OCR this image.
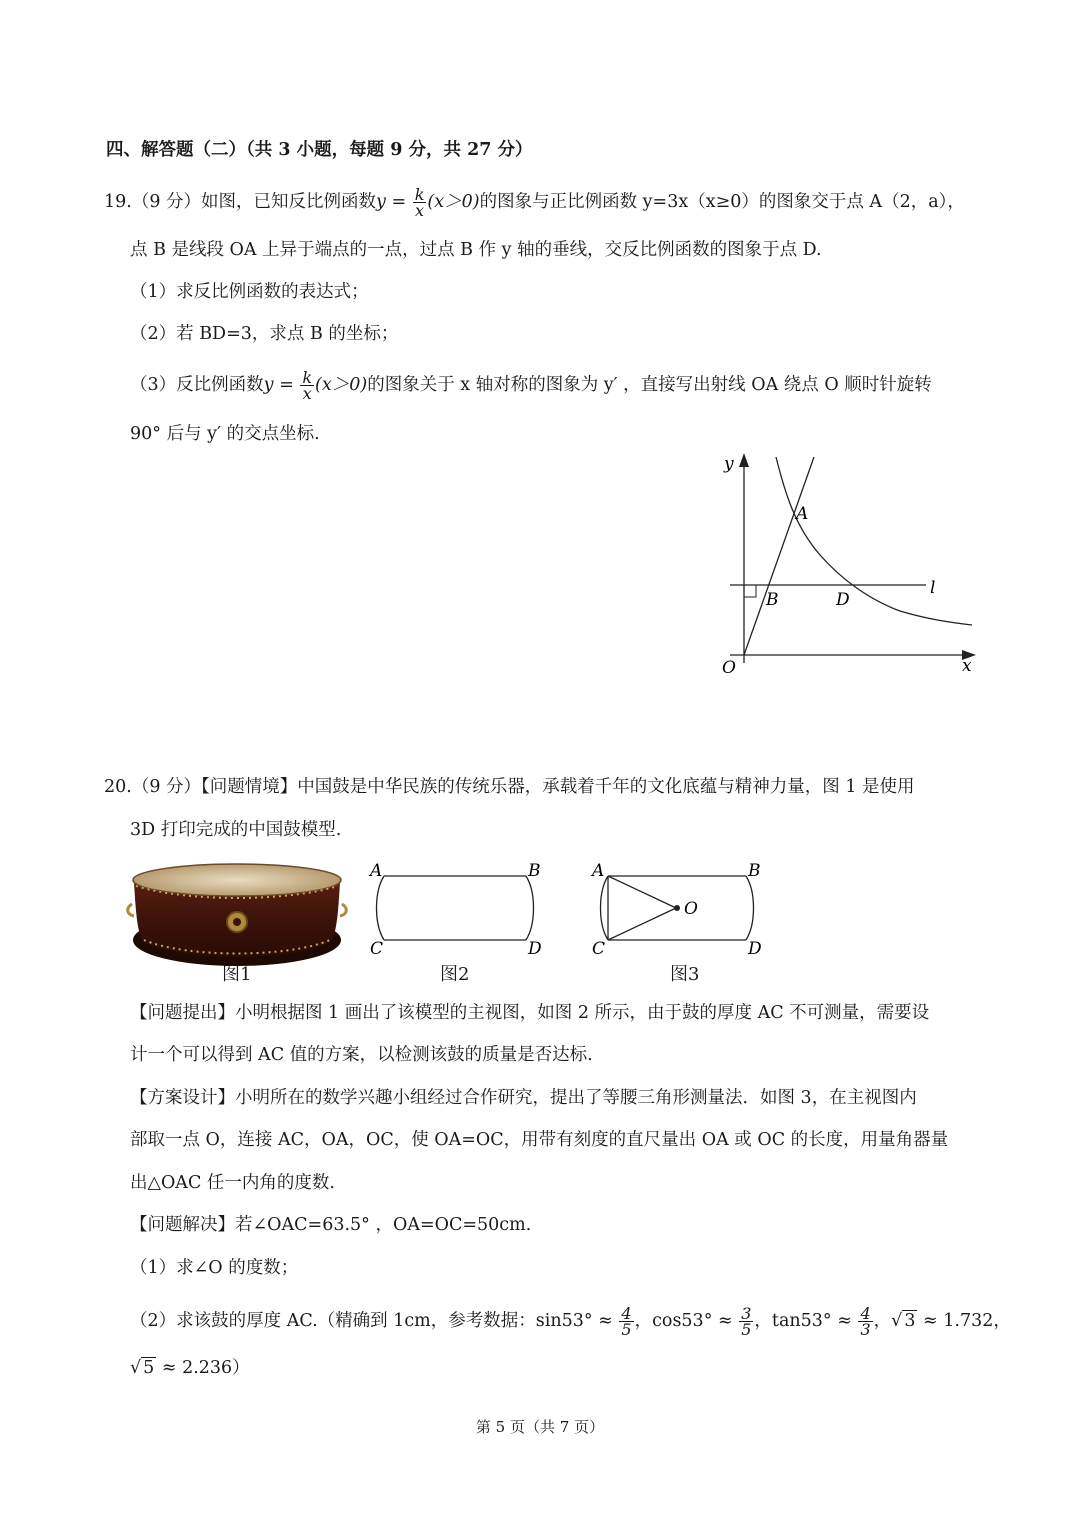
四、解答题（二）（共 3 小题，每题 9 分，共 27 分）
19.（9 分）如图，已知反比例函数$y = \frac{k}{x} (x>0)$的图象与正比例函数 y=3x（x≥0）的图象交于点 A（2，a），
点 B 是线段 OA 上异于端点的一点，过点 B 作 y 轴的垂线，交反比例函数的图象于点 D.
（1）求反比例函数的表达式；
（2）若 BD=3，求点 B 的坐标；
（3）反比例函数$y = \frac{k}{x} (x>0)$的图象关于 x 轴对称的图象为 y′ ，直接写出射线 OA 绕点 O 顺时针旋转
90° 后与 y′ 的交点坐标.
y
x
O
A
B	D
l
20.（9 分）【问题情境】中国鼓是中华民族的传统乐器，承载着千年的文化底蕴与精神力量，图 1 是使用
3D 打印完成的中国鼓模型.
图1
A	B
C	D
图2
A	B
C	D
O
图3
【问题提出】小明根据图 1 画出了该模型的主视图，如图 2 所示，由于鼓的厚度 AC 不可测量，需要设
计一个可以得到 AC 值的方案，以检测该鼓的质量是否达标.
【方案设计】小明所在的数学兴趣小组经过合作研究，提出了等腰三角形测量法．如图 3，在主视图内
部取一点 O，连接 AC，OA，OC，使 OA=OC，用带有刻度的直尺量出 OA 或 OC 的长度，用量角器量
出△OAC 任一内角的度数.
【问题解决】若∠OAC=63.5° ，OA=OC=50cm.
（1）求∠O 的度数；
（2）求该鼓的厚度 AC.（精确到 1cm，参考数据：$\sin 53^\circ \approx \frac{4}{5}$ ，$\cos 53^\circ \approx \frac{3}{5}$ ，$\tan 53^\circ \approx \frac{4}{3}$ ，√ 3 ≈ 1.732，
√ 5 ≈ 2.236）
第 5 页（共 7 页）
